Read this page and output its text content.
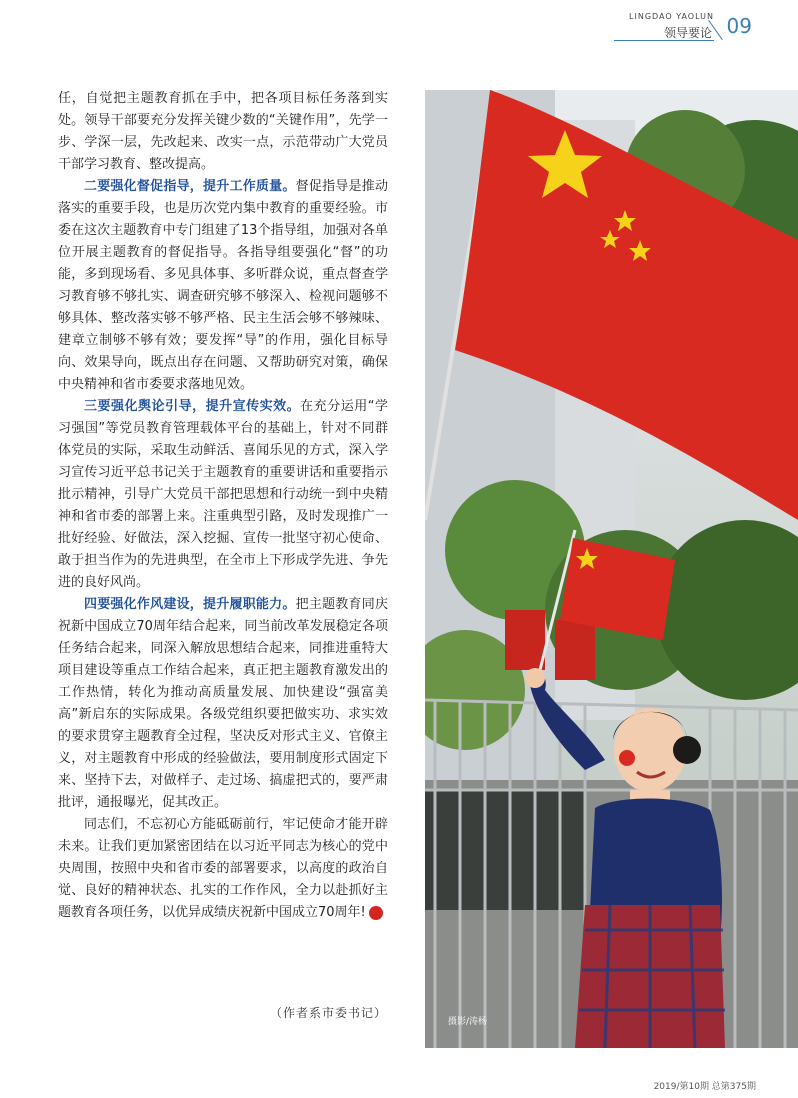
LINGDAO YAOLUN
领导要论 09

任，自觉把主题教育抓在手中，把各项目标任务落到实处。领导干部要充分发挥关键少数的“关键作用”，先学一步、学深一层，先改起来、改实一点，示范带动广大党员干部学习教育、整改提高。

二要强化督促指导，提升工作质量。督促指导是推动落实的重要手段，也是历次党内集中教育的重要经验。市委在这次主题教育中专门组建了13个指导组，加强对各单位开展主题教育的督促指导。各指导组要强化“督”的功能，多到现场看、多见具体事、多听群众说，重点督查学习教育够不够扎实、调查研究够不够深入、检视问题够不够具体、整改落实够不够严格、民主生活会够不够辣味、建章立制够不够有效；要发挥“导”的作用，强化目标导向、效果导向，既点出存在问题、又帮助研究对策，确保中央精神和省市委要求落地见效。

三要强化舆论引导，提升宣传实效。在充分运用“学习强国”等党员教育管理载体平台的基础上，针对不同群体党员的实际，采取生动鲜活、喜闻乐见的方式，深入学习宣传习近平总书记关于主题教育的重要讲话和重要指示批示精神，引导广大党员干部把思想和行动统一到中央精神和省市委的部署上来。注重典型引路，及时发现推广一批好经验、好做法，深入挖掘、宣传一批坚守初心使命、敢于担当作为的先进典型，在全市上下形成学先进、争先进的良好风尚。

四要强化作风建设，提升履职能力。把主题教育同庆祝新中国成立70周年结合起来，同当前改革发展稳定各项任务结合起来，同深入解放思想结合起来，同推进重特大项目建设等重点工作结合起来，真正把主题教育激发出的工作热情，转化为推动高质量发展、加快建设“强富美高”新启东的实际成果。各级党组织要把做实功、求实效的要求贯穿主题教育全过程，坚决反对形式主义、官僚主义，对主题教育中形成的经验做法，要用制度形式固定下来、坚持下去，对做样子、走过场、搞虚把式的，要严肃批评，通报曝光，促其改正。

同志们，不忘初心方能砥砺前行，牢记使命才能开辟未来。让我们更加紧密团结在以习近平同志为核心的党中央周围，按照中央和省市委的部署要求，以高度的政治自觉、良好的精神状态、扎实的工作作风，全力以赴抓好主题教育各项任务，以优异成绩庆祝新中国成立70周年!	要

（作者系市委书记）
摄影/涛杨
2019/第10期 总第375期
